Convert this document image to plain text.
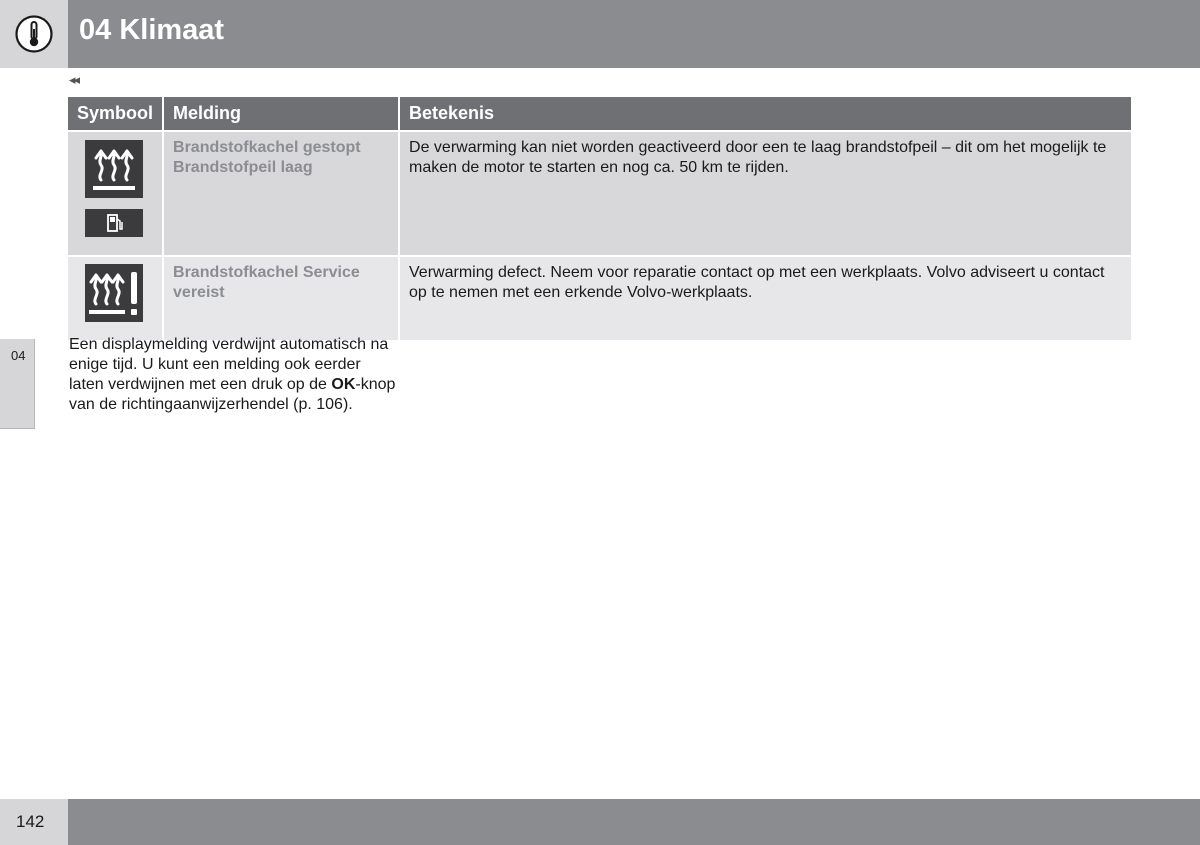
04 Klimaat
◂◂
Symbool	Melding	Betekenis

Brandstofkachel gestopt
Brandstofpeil laag	De verwarming kan niet worden geactiveerd door een te laag brandstofpeil – dit om het mogelijk te maken de motor te starten en nog ca. 50 km te rijden.

Brandstofkachel Service vereist	Verwarming defect. Neem voor reparatie contact op met een werkplaats. Volvo adviseert u contact op te nemen met een erkende Volvo-werkplaats.
Een displaymelding verdwijnt automatisch na enige tijd. U kunt een melding ook eerder laten verdwijnen met een druk op de OK-knop van de richtingaanwijzerhendel (p. 106).
04
142
